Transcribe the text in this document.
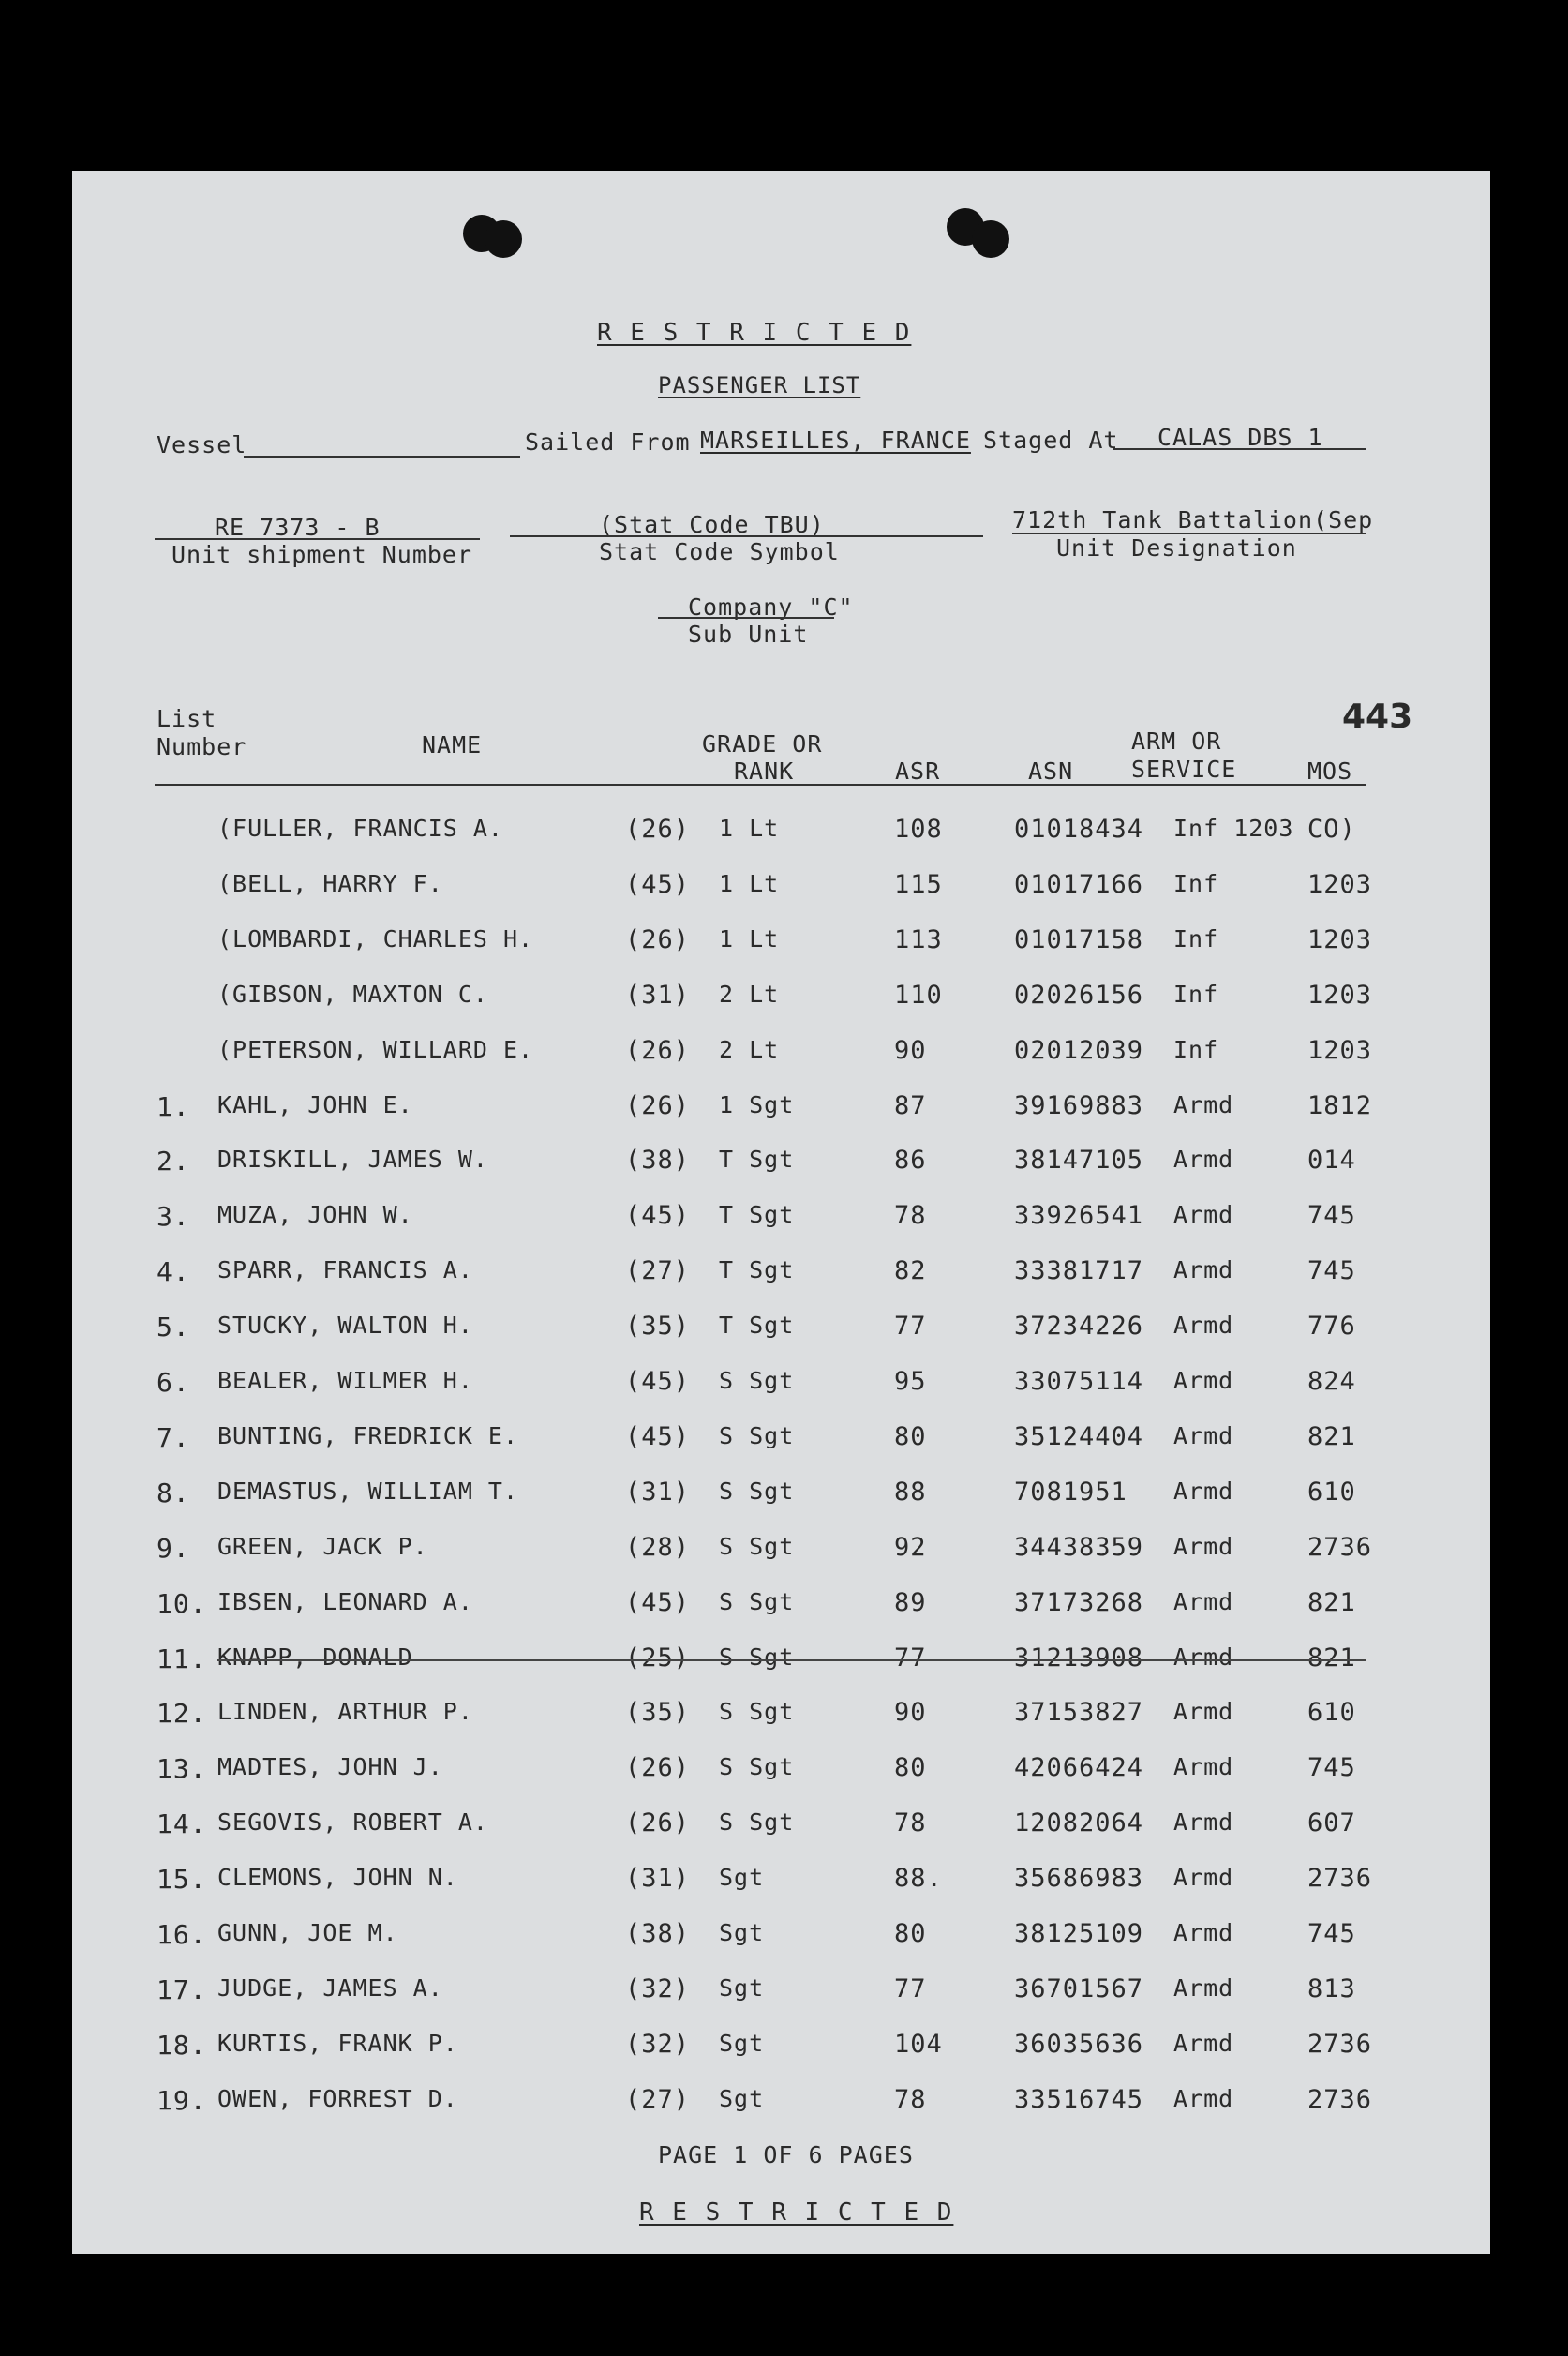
R E S T R I C T E D
PASSENGER LIST
443
Vessel	Sailed From MARSEILLES, FRANCE Staged At CALAS DBS 1
RE 7373 - B
Unit shipment Number
(Stat Code TBU)
Stat Code Symbol
712th Tank Battalion(Sep
Unit Designation
Company "C"
Sub Unit
List
Number	NAME	GRADE OR
RANK	ASR	ASN
ARM OR
SERVICE	MOS
(FULLER, FRANCIS A.	(26) 1 Lt	108	01018434 Inf 1203 CO)
(BELL, HARRY F.	(45) 1 Lt	115	01017166 Inf	1203
(LOMBARDI, CHARLES H.	(26) 1 Lt	113	01017158 Inf	1203
(GIBSON, MAXTON C.	(31) 2 Lt	110	02026156 Inf	1203
(PETERSON, WILLARD E.	(26) 2 Lt	90	02012039 Inf	1203
1. KAHL, JOHN E.	(26) 1 Sgt	87	39169883 Armd	1812
2. DRISKILL, JAMES W.	(38) T Sgt	86	38147105 Armd	014
3. MUZA, JOHN W.	(45) T Sgt	78	33926541 Armd	745
4. SPARR, FRANCIS A.	(27) T Sgt	82	33381717 Armd	745
5. STUCKY, WALTON H.	(35) T Sgt	77	37234226 Armd	776
6. BEALER, WILMER H.	(45) S Sgt	95	33075114 Armd	824
7. BUNTING, FREDRICK E.	(45) S Sgt	80	35124404 Armd	821
8. DEMASTUS, WILLIAM T.	(31) S Sgt	88	7081951 Armd	610
9. GREEN, JACK P.	(28) S Sgt	92	34438359 Armd	2736
10. IBSEN, LEONARD A.	(45) S Sgt	89	37173268 Armd	821
11. KNAPP, DONALD	(25) S Sgt	77	31213908 Armd	821
12. LINDEN, ARTHUR P.	(35) S Sgt	90	37153827 Armd	610
13. MADTES, JOHN J.	(26) S Sgt	80	42066424 Armd	745
14. SEGOVIS, ROBERT A.	(26) S Sgt	78	12082064 Armd	607
15. CLEMONS, JOHN N.	(31) Sgt	88.	35686983 Armd	2736
16. GUNN, JOE M.	(38) Sgt	80	38125109 Armd	745
17. JUDGE, JAMES A.	(32) Sgt	77	36701567 Armd	813
18. KURTIS, FRANK P.	(32) Sgt	104	36035636 Armd	2736
19. OWEN, FORREST D.	(27) Sgt	78	33516745 Armd	2736
PAGE 1 OF 6 PAGES
R E S T R I C T E D
